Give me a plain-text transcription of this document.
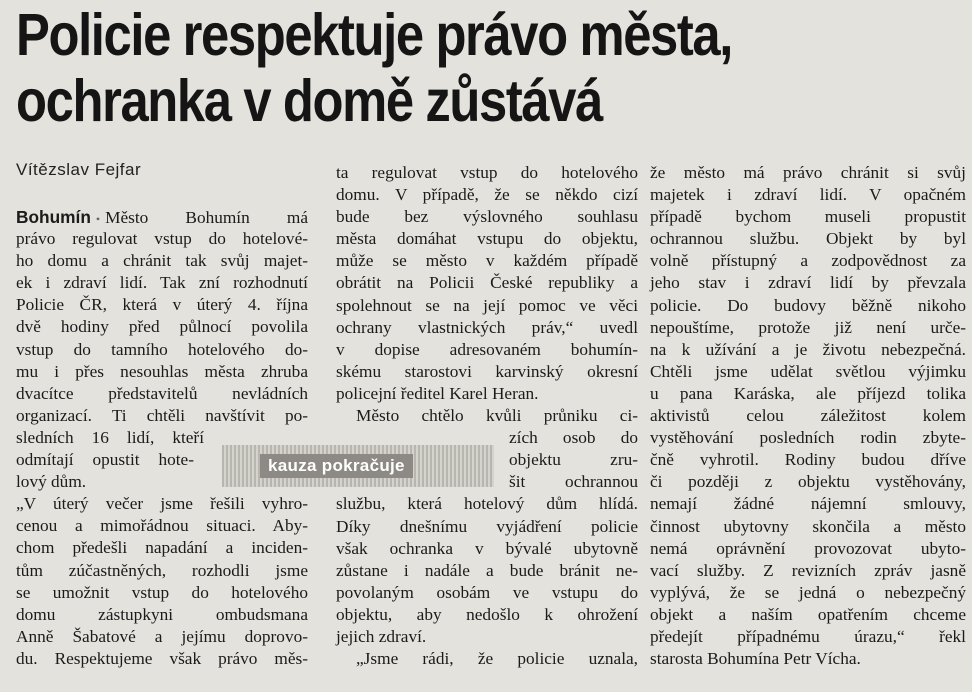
Policie respektuje právo města,
ochranka v domě zůstává
Vítězslav Fejfar
Bohumín • Město Bohumín má
právo regulovat vstup do hotelové-
ho domu a chránit tak svůj majet-
ek i zdraví lidí. Tak zní rozhodnutí
Policie ČR, která v úterý 4. října
dvě hodiny před půlnocí povolila
vstup do tamního hotelového do-
mu i přes nesouhlas města zhruba
dvacítce představitelů nevládních
organizací. Ti chtěli navštívit po-
sledních 16 lidí, kteří
odmítají opustit hote-
lový dům.
„V úterý večer jsme řešili vyhro-
cenou a mimořádnou situaci. Aby-
chom předešli napadání a inciden-
tům zúčastněných, rozhodli jsme
se umožnit vstup do hotelového
domu zástupkyni ombudsmana
Anně Šabatové a jejímu doprovo-
du. Respektujeme však právo měs-
ta regulovat vstup do hotelového
domu. V případě, že se někdo cizí
bude bez výslovného souhlasu
města domáhat vstupu do objektu,
může se město v každém případě
obrátit na Policii České republiky a
spolehnout se na její pomoc ve věci
ochrany vlastnických práv,“ uvedl
v dopise adresovaném bohumín-
skému starostovi karvinský okresní
policejní ředitel Karel Heran.
Město chtělo kvůli průniku ci-
zích osob do
objektu zru-
šit ochrannou
službu, která hotelový dům hlídá.
Díky dnešnímu vyjádření policie
však ochranka v bývalé ubytovně
zůstane i nadále a bude bránit ne-
povolaným osobám ve vstupu do
objektu, aby nedošlo k ohrožení
jejich zdraví.
„Jsme rádi, že policie uznala,
že město má právo chránit si svůj
majetek i zdraví lidí. V opačném
případě bychom museli propustit
ochrannou službu. Objekt by byl
volně přístupný a zodpovědnost za
jeho stav i zdraví lidí by převzala
policie. Do budovy běžně nikoho
nepouštíme, protože již není urče-
na k užívání a je životu nebezpečná.
Chtěli jsme udělat světlou výjimku
u pana Karáska, ale příjezd tolika
aktivistů celou záležitost kolem
vystěhování posledních rodin zbyte-
čně vyhrotil. Rodiny budou dříve
či později z objektu vystěhovány,
nemají žádné nájemní smlouvy,
činnost ubytovny skončila a město
nemá oprávnění provozovat ubyto-
vací služby. Z revizních zpráv jasně
vyplývá, že se jedná o nebezpečný
objekt a naším opatřením chceme
předejít případnému úrazu,“ řekl
starosta Bohumína Petr Vícha.
kauza pokračuje
